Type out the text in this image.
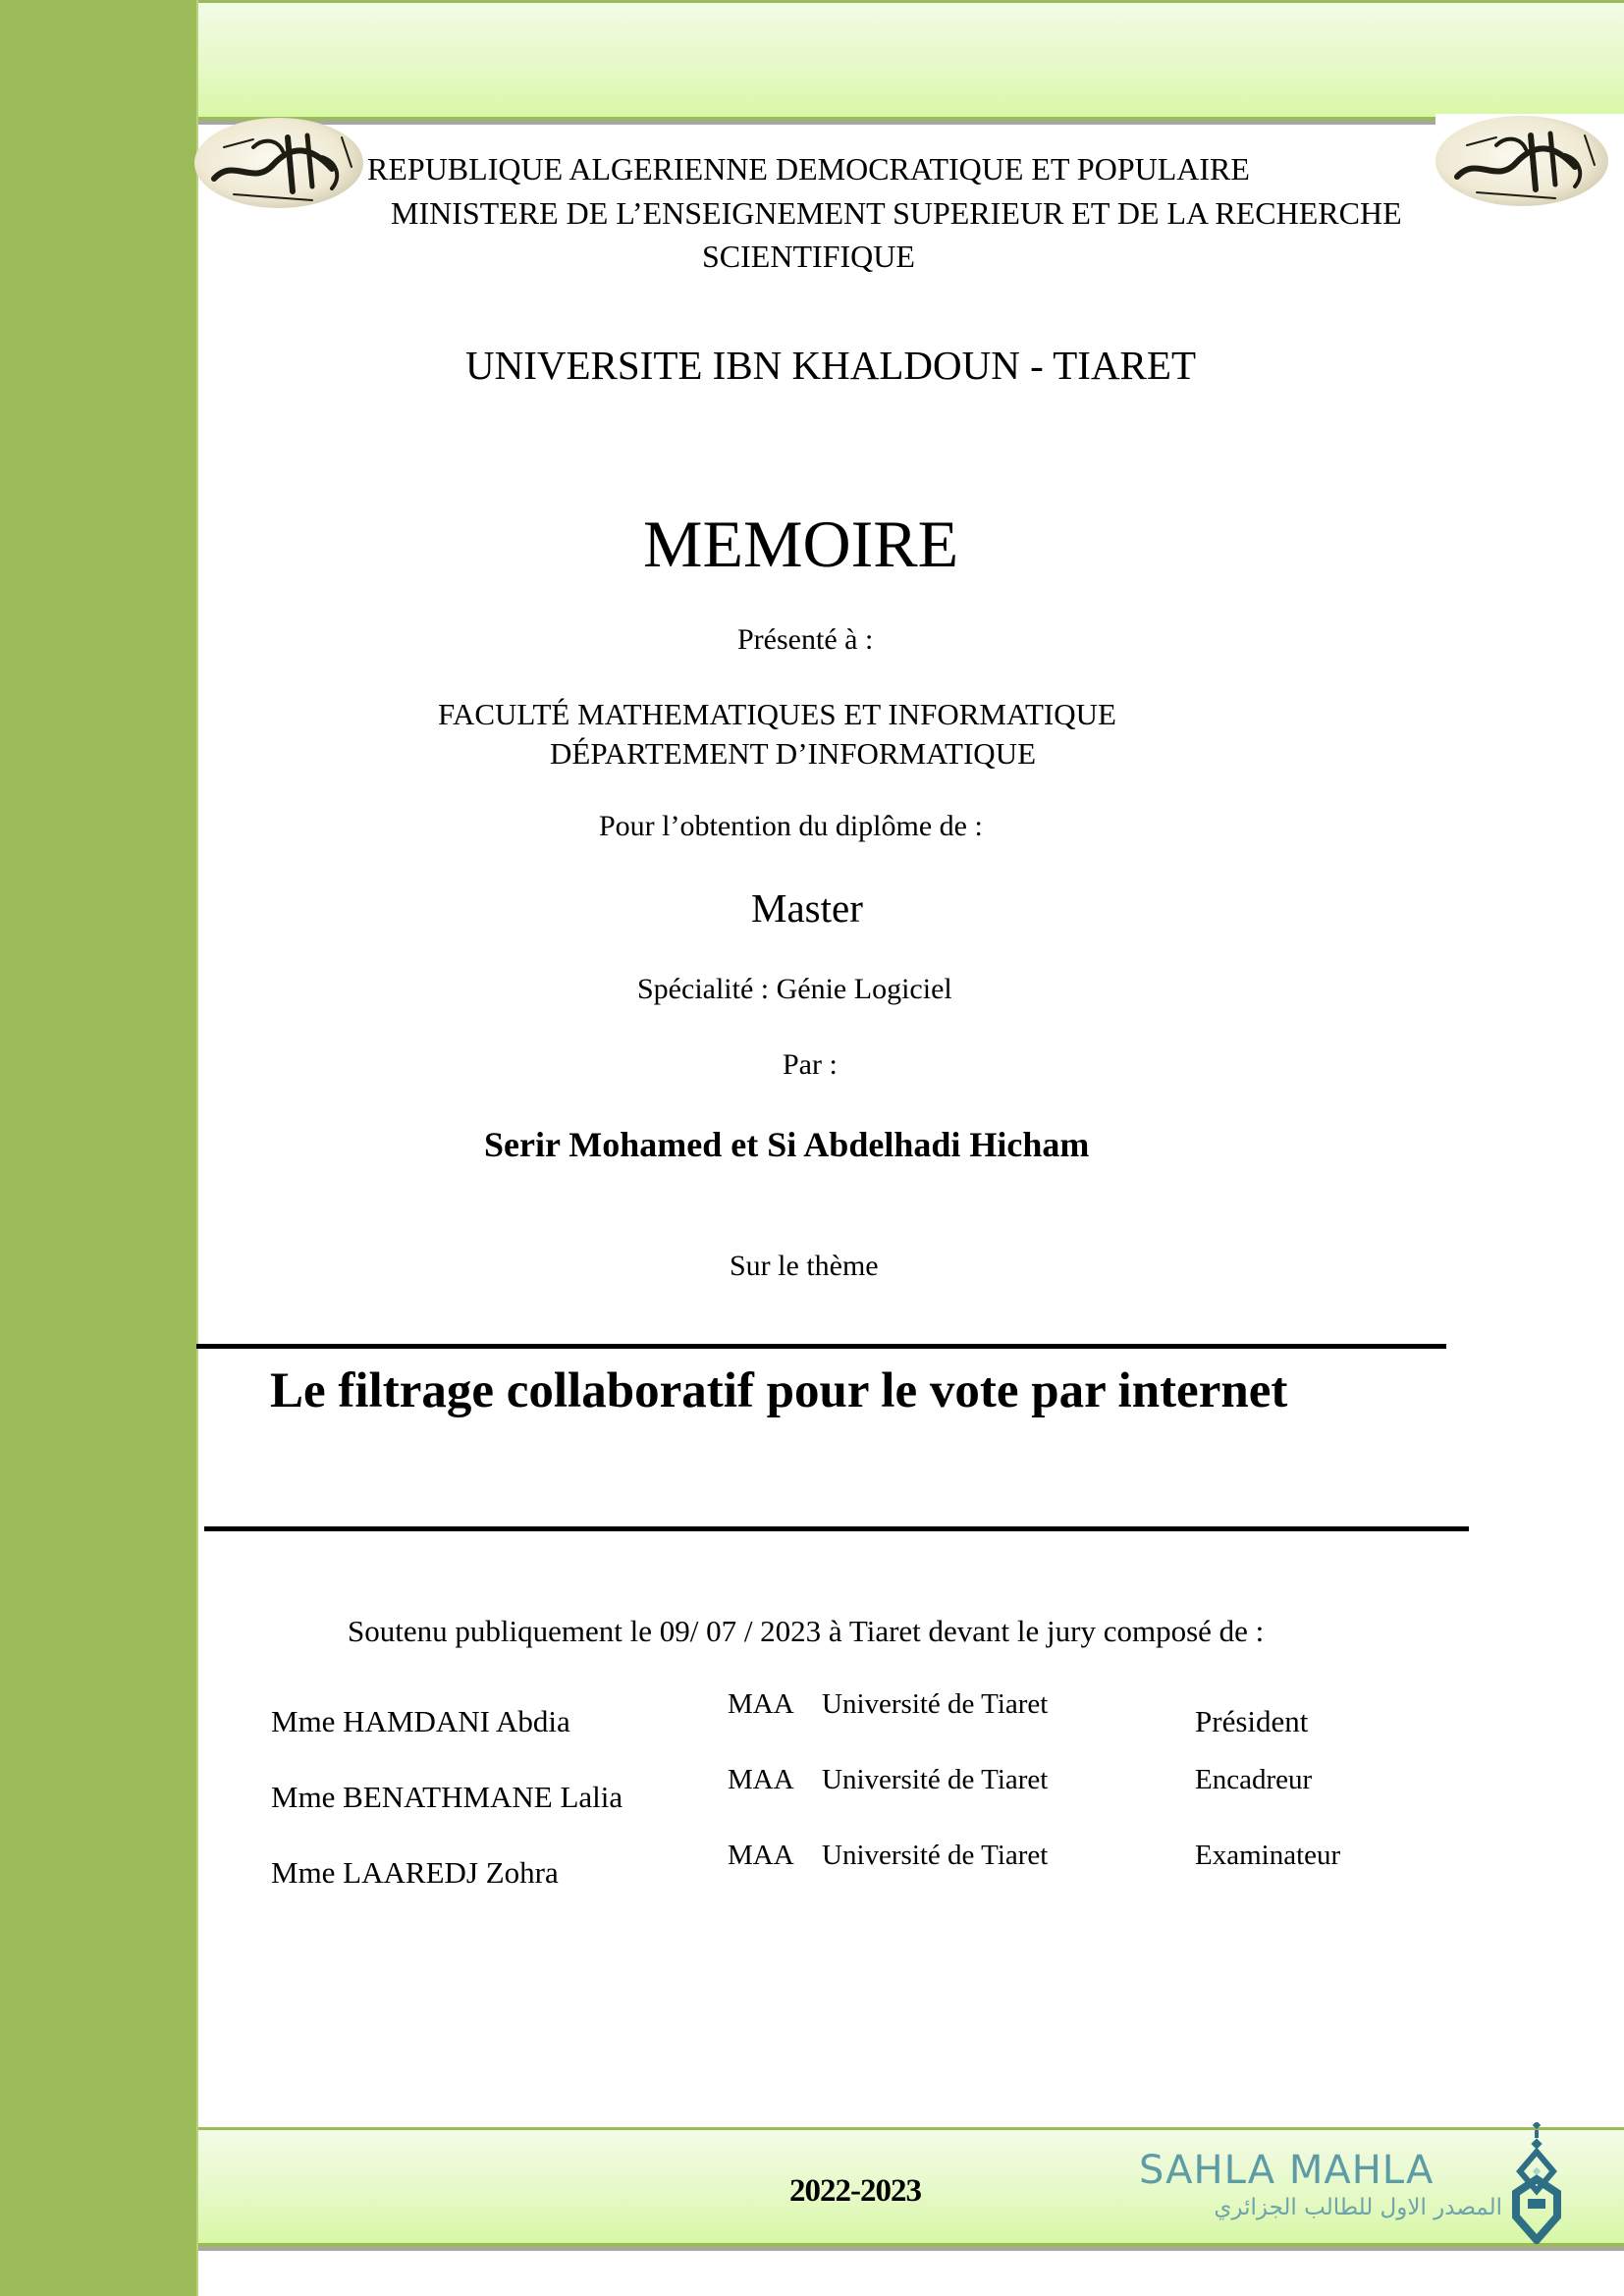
REPUBLIQUE ALGERIENNE DEMOCRATIQUE ET POPULAIRE
MINISTERE DE L’ENSEIGNEMENT SUPERIEUR ET DE LA RECHERCHE
SCIENTIFIQUE
UNIVERSITE IBN KHALDOUN - TIARET
MEMOIRE
Présenté à :
FACULTÉ MATHEMATIQUES ET INFORMATIQUE
DÉPARTEMENT D’INFORMATIQUE
Pour l’obtention du diplôme de :
Master
Spécialité : Génie Logiciel
Par :
Serir Mohamed et Si Abdelhadi Hicham
Sur le thème
Le filtrage collaboratif pour le vote par internet
Soutenu publiquement le 09/ 07 / 2023 à Tiaret devant le jury composé de :
Mme HAMDANI Abdia	MAA Université de Tiaret	Président
Mme BENATHMANE Lalia	MAA Université de Tiaret	Encadreur
Mme LAAREDJ Zohra	MAA Université de Tiaret	Examinateur
2022-2023	SAHLA MAHLA
المصدر الاول للطالب الجزائري
